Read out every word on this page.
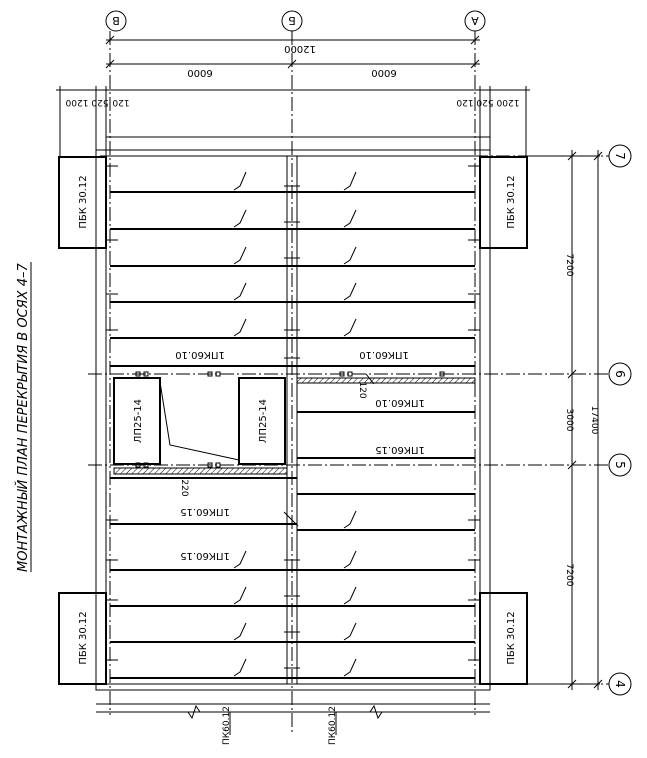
МОНТАЖНЫЙ ПЛАН ПЕРЕКРЫТИЯ В ОСЯХ 4–7
В	Б	А
12000
6000	6000
1200 520 120	120 520 1200
7
6
5
4
7200
3000
7200
17400
ПБК 30.12	ПБК 30.12
ПБК 30.12	ПБК 30.12
1ПК60.10	1ПК60.10
ЛП25-14	ЛП25-14	1ПК60.10
1ПК60.15
120
220
1ПК60.15
1ПК60.15
ПК60.12	ПК60.12
